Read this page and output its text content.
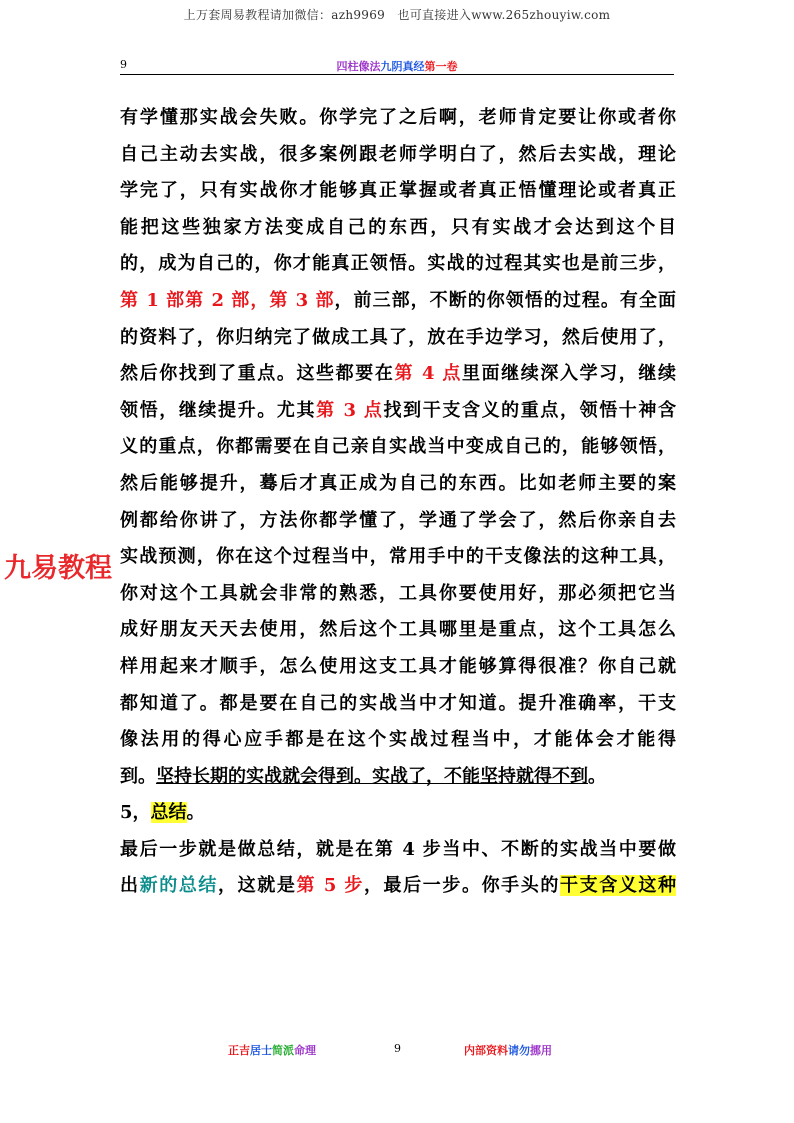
上万套周易教程请加微信：azh9969　也可直接进入www.265zhouyiw.com
9	四柱像法九阴真经第一卷
有学懂那实战会失败。你学完了之后啊，老师肯定要让你或者你
自己主动去实战，很多案例跟老师学明白了，然后去实战，理论
学完了，只有实战你才能够真正掌握或者真正悟懂理论或者真正
能把这些独家方法变成自己的东西，只有实战才会达到这个目
的，成为自己的，你才能真正领悟。实战的过程其实也是前三步，
第 1 部第 2 部，第 3 部，前三部，不断的你领悟的过程。有全面
的资料了，你归纳完了做成工具了，放在手边学习，然后使用了，
然后你找到了重点。这些都要在第 4 点里面继续深入学习，继续
领悟，继续提升。尤其第 3 点找到干支含义的重点，领悟十神含
义的重点，你都需要在自己亲自实战当中变成自己的，能够领悟，
然后能够提升，蓦后才真正成为自己的东西。比如老师主要的案
例都给你讲了，方法你都学懂了，学通了学会了，然后你亲自去
实战预测，你在这个过程当中，常用手中的干支像法的这种工具，
你对这个工具就会非常的熟悉，工具你要使用好，那必须把它当
成好朋友天天去使用，然后这个工具哪里是重点，这个工具怎么
样用起来才顺手，怎么使用这支工具才能够算得很准？你自己就
都知道了。都是要在自己的实战当中才知道。提升准确率，干支
像法用的得心应手都是在这个实战过程当中，才能体会才能得
到。坚持长期的实战就会得到。实战了，不能坚持就得不到。
5，总结。
最后一步就是做总结，就是在第 4 步当中、不断的实战当中要做
出新的总结，这就是第 5 步，最后一步。你手头的干支含义这种
九易教程
正吉居士简派命理	9	内部资料请勿挪用
